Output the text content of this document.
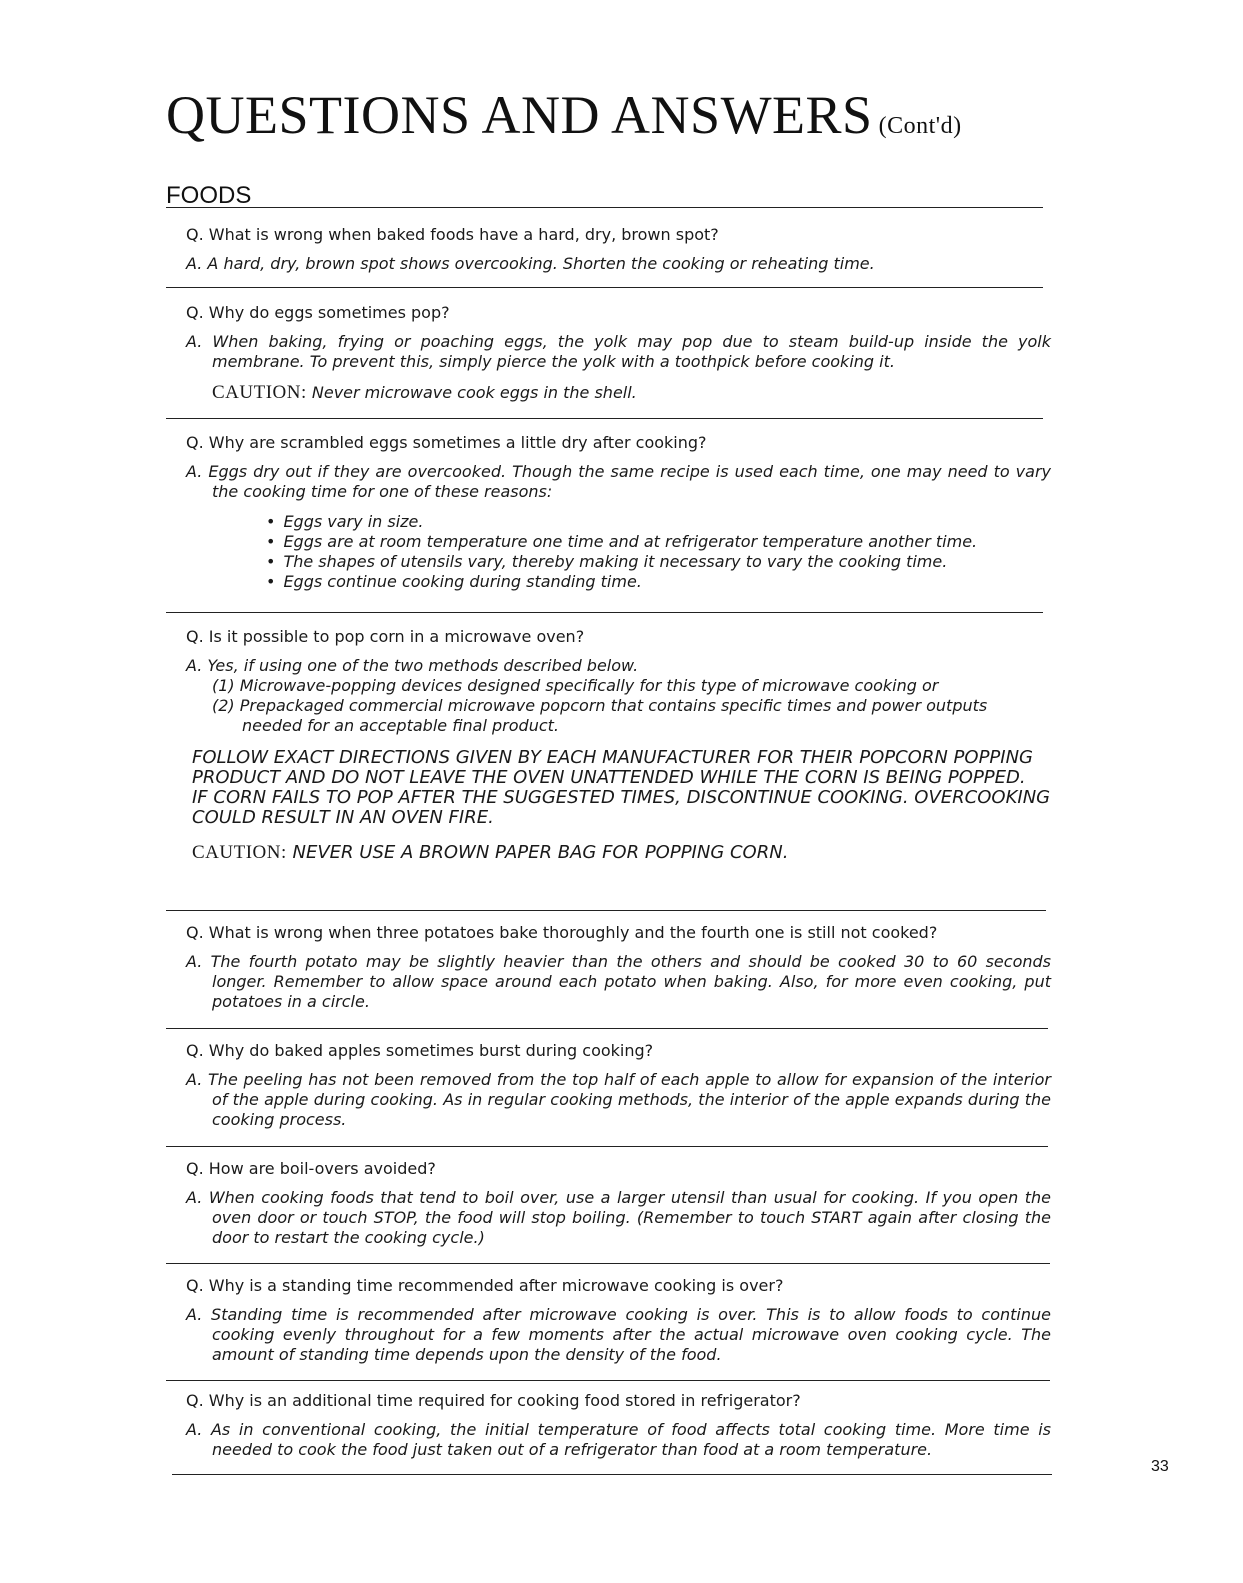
QUESTIONS AND ANSWERS (Cont'd)
FOODS

Q. What is wrong when baked foods have a hard, dry, brown spot?

A. A hard, dry, brown spot shows overcooking. Shorten the cooking or reheating time.

Q. Why do eggs sometimes pop?

A. When baking, frying or poaching eggs, the yolk may pop due to steam build-up inside the yolk membrane. To prevent this, simply pierce the yolk with a toothpick before cooking it.

CAUTION: Never microwave cook eggs in the shell.

Q. Why are scrambled eggs sometimes a little dry after cooking?

A. Eggs dry out if they are overcooked. Though the same recipe is used each time, one may need to vary the cooking time for one of these reasons:

• Eggs vary in size.
• Eggs are at room temperature one time and at refrigerator temperature another time.
• The shapes of utensils vary, thereby making it necessary to vary the cooking time.
• Eggs continue cooking during standing time.

Q. Is it possible to pop corn in a microwave oven?

A. Yes, if using one of the two methods described below.

(1) Microwave-popping devices designed specifically for this type of microwave cooking or

(2) Prepackaged commercial microwave popcorn that contains specific times and power outputs needed for an acceptable final product.

FOLLOW EXACT DIRECTIONS GIVEN BY EACH MANUFACTURER FOR THEIR POPCORN POPPING PRODUCT AND DO NOT LEAVE THE OVEN UNATTENDED WHILE THE CORN IS BEING POPPED.

IF CORN FAILS TO POP AFTER THE SUGGESTED TIMES, DISCONTINUE COOKING. OVERCOOKING COULD RESULT IN AN OVEN FIRE.

CAUTION: NEVER USE A BROWN PAPER BAG FOR POPPING CORN.

Q. What is wrong when three potatoes bake thoroughly and the fourth one is still not cooked?

A. The fourth potato may be slightly heavier than the others and should be cooked 30 to 60 seconds longer. Remember to allow space around each potato when baking. Also, for more even cooking, put potatoes in a circle.

Q. Why do baked apples sometimes burst during cooking?

A. The peeling has not been removed from the top half of each apple to allow for expansion of the interior of the apple during cooking. As in regular cooking methods, the interior of the apple expands during the cooking process.

Q. How are boil-overs avoided?

A. When cooking foods that tend to boil over, use a larger utensil than usual for cooking. If you open the oven door or touch STOP, the food will stop boiling. (Remember to touch START again after closing the door to restart the cooking cycle.)

Q. Why is a standing time recommended after microwave cooking is over?

A. Standing time is recommended after microwave cooking is over. This is to allow foods to continue cooking evenly throughout for a few moments after the actual microwave oven cooking cycle. The amount of standing time depends upon the density of the food.

Q. Why is an additional time required for cooking food stored in refrigerator?

A. As in conventional cooking, the initial temperature of food affects total cooking time. More time is needed to cook the food just taken out of a refrigerator than food at a room temperature.

33
